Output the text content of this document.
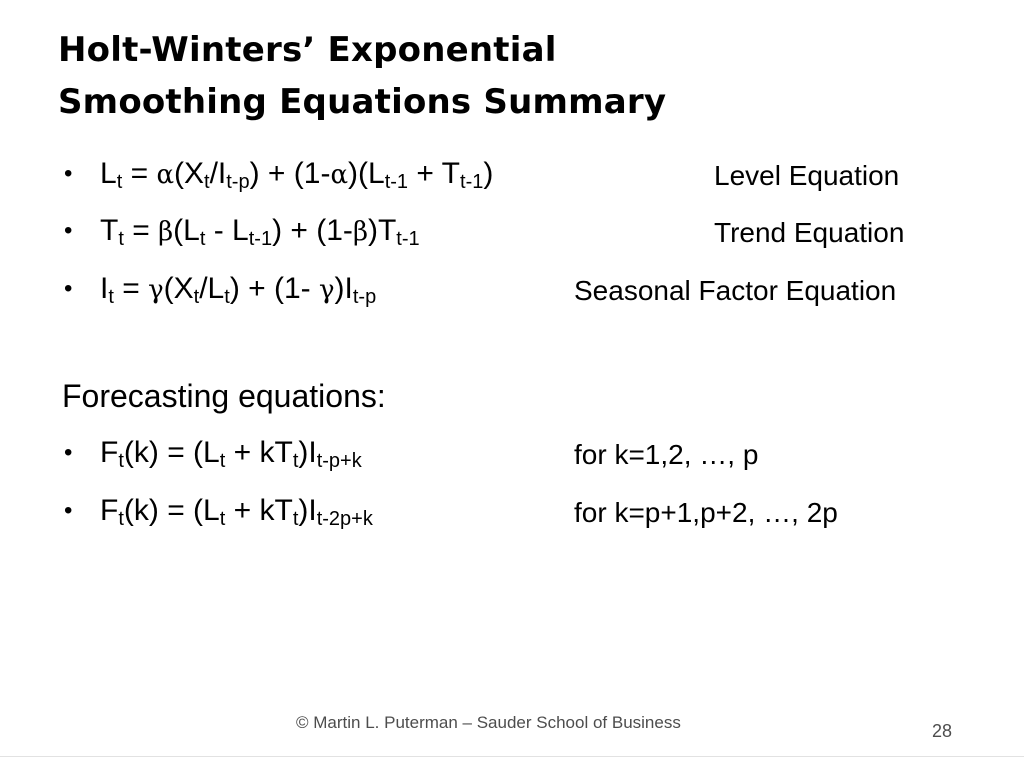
Holt-Winters’ Exponential
Smoothing Equations Summary
• $L_t = \alpha(X_t/I_{t-p}) + (1-\alpha)(L_{t-1} + T_{t-1})$	Level Equation
• $T_t = \beta(L_t - L_{t-1}) + (1-\beta)T_{t-1}$	Trend Equation
• $I_t = \gamma(X_t/L_t) + (1-$ $\gamma)I_{t-p}$	Seasonal Factor Equation
Forecasting equations:
• $F_t(k) = (L_t + kT_t)I_{t-p+k}$	for k=1,2, …, p
• $F_t(k) = (L_t + kT_t)I_{t-2p+k}$	for k=p+1,p+2, …, 2p
© Martin L. Puterman – Sauder School of Business	28
